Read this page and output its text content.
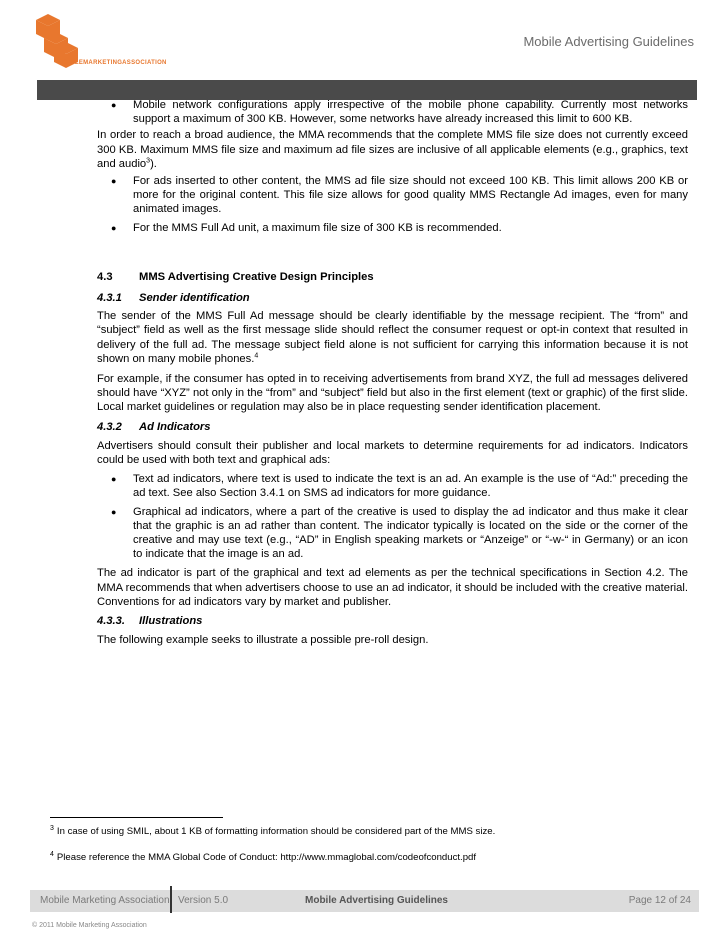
Mobile Advertising Guidelines
MOBILEMARKETINGASSOCIATION

● Mobile network configurations apply irrespective of the mobile phone capability. Currently most networks support a maximum of 300 KB. However, some networks have already increased this limit to 600 KB.

In order to reach a broad audience, the MMA recommends that the complete MMS file size does not currently exceed 300 KB. Maximum MMS file size and maximum ad file sizes are inclusive of all applicable elements (e.g., graphics, text and audio$^3$).

● For ads inserted to other content, the MMS ad file size should not exceed 100 KB. This limit allows 200 KB or more for the original content. This file size allows for good quality MMS Rectangle Ad images, even for many animated images.

● For the MMS Full Ad unit, a maximum file size of 300 KB is recommended.

4.3 MMS Advertising Creative Design Principles

4.3.1 Sender identification

The sender of the MMS Full Ad message should be clearly identifiable by the message recipient. The “from” and “subject” field as well as the first message slide should reflect the consumer request or opt-in context that resulted in delivery of the full ad. The message subject field alone is not sufficient for carrying this information because it is not shown on many mobile phones.$^4$

For example, if the consumer has opted in to receiving advertisements from brand XYZ, the full ad messages delivered should have “XYZ” not only in the “from” and “subject” field but also in the first element (text or graphic) of the first slide. Local market guidelines or regulation may also be in place requesting sender identification placement.

4.3.2 Ad Indicators

Advertisers should consult their publisher and local markets to determine requirements for ad indicators. Indicators could be used with both text and graphical ads:

● Text ad indicators, where text is used to indicate the text is an ad. An example is the use of “Ad:” preceding the ad text. See also Section 3.4.1 on SMS ad indicators for more guidance.

● Graphical ad indicators, where a part of the creative is used to display the ad indicator and thus make it clear that the graphic is an ad rather than content. The indicator typically is located on the side or the corner of the creative and may use text (e.g., “AD” in English speaking markets or “Anzeige” or “-w-“ in Germany) or an icon to indicate that the image is an ad.

The ad indicator is part of the graphical and text ad elements as per the technical specifications in Section 4.2. The MMA recommends that when advertisers choose to use an ad indicator, it should be included with the creative material. Conventions for ad indicators vary by market and publisher.

4.3.3. Illustrations

The following example seeks to illustrate a possible pre-roll design.

$^3$ In case of using SMIL, about 1 KB of formatting information should be considered part of the MMS size.
$^4$ Please reference the MMA Global Code of Conduct: http://www.mmaglobal.com/codeofconduct.pdf
Mobile Marketing Association Version 5.0	Mobile Advertising Guidelines	Page 12 of 24
© 2011 Mobile Marketing Association
